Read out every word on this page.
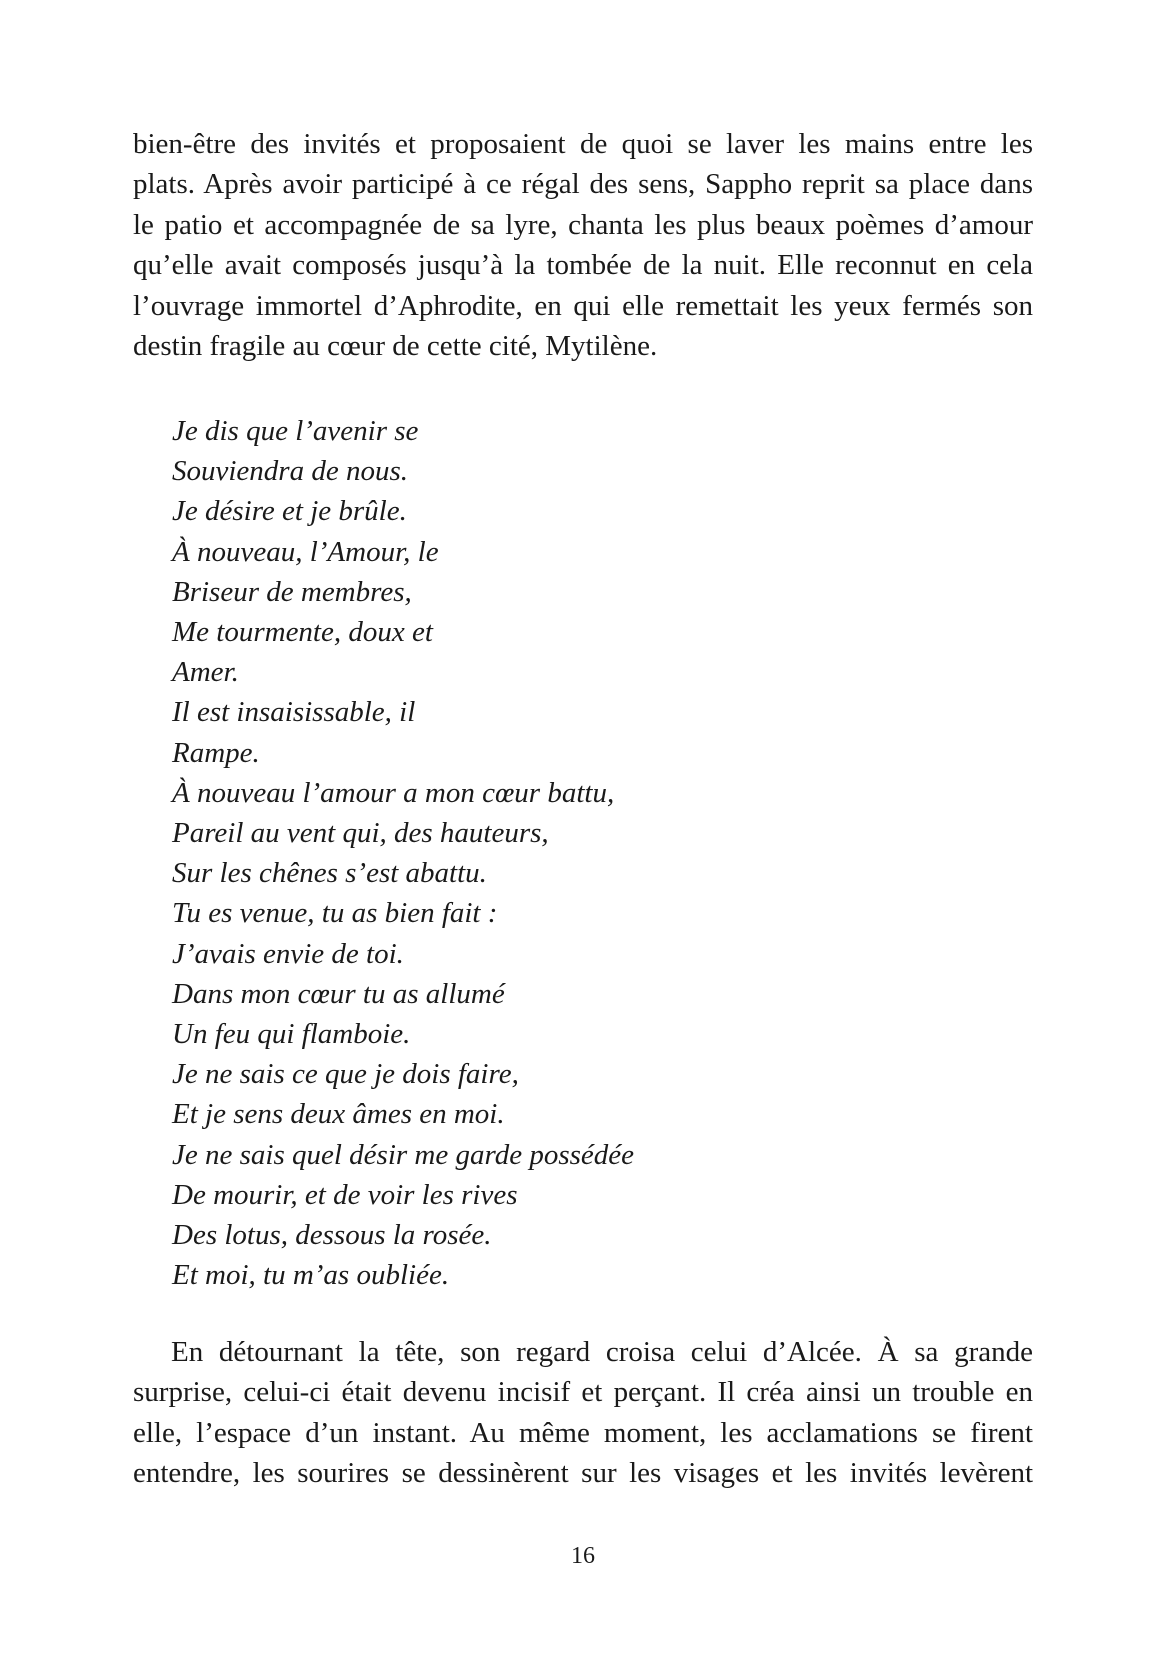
bien-être des invités et proposaient de quoi se laver les mains entre les
plats. Après avoir participé à ce régal des sens, Sappho reprit sa place dans
le patio et accompagnée de sa lyre, chanta les plus beaux poèmes d’amour
qu’elle avait composés jusqu’à la tombée de la nuit. Elle reconnut en cela
l’ouvrage immortel d’Aphrodite, en qui elle remettait les yeux fermés son
destin fragile au cœur de cette cité, Mytilène.

Je dis que l’avenir se
Souviendra de nous.
Je désire et je brûle.
À nouveau, l’Amour, le
Briseur de membres,
Me tourmente, doux et
Amer.
Il est insaisissable, il
Rampe.
À nouveau l’amour a mon cœur battu,
Pareil au vent qui, des hauteurs,
Sur les chênes s’est abattu.
Tu es venue, tu as bien fait :
J’avais envie de toi.
Dans mon cœur tu as allumé
Un feu qui flamboie.
Je ne sais ce que je dois faire,
Et je sens deux âmes en moi.
Je ne sais quel désir me garde possédée
De mourir, et de voir les rives
Des lotus, dessous la rosée.
Et moi, tu m’as oubliée.

En détournant la tête, son regard croisa celui d’Alcée. À sa grande
surprise, celui-ci était devenu incisif et perçant. Il créa ainsi un trouble en
elle, l’espace d’un instant. Au même moment, les acclamations se firent
entendre, les sourires se dessinèrent sur les visages et les invités levèrent

16
